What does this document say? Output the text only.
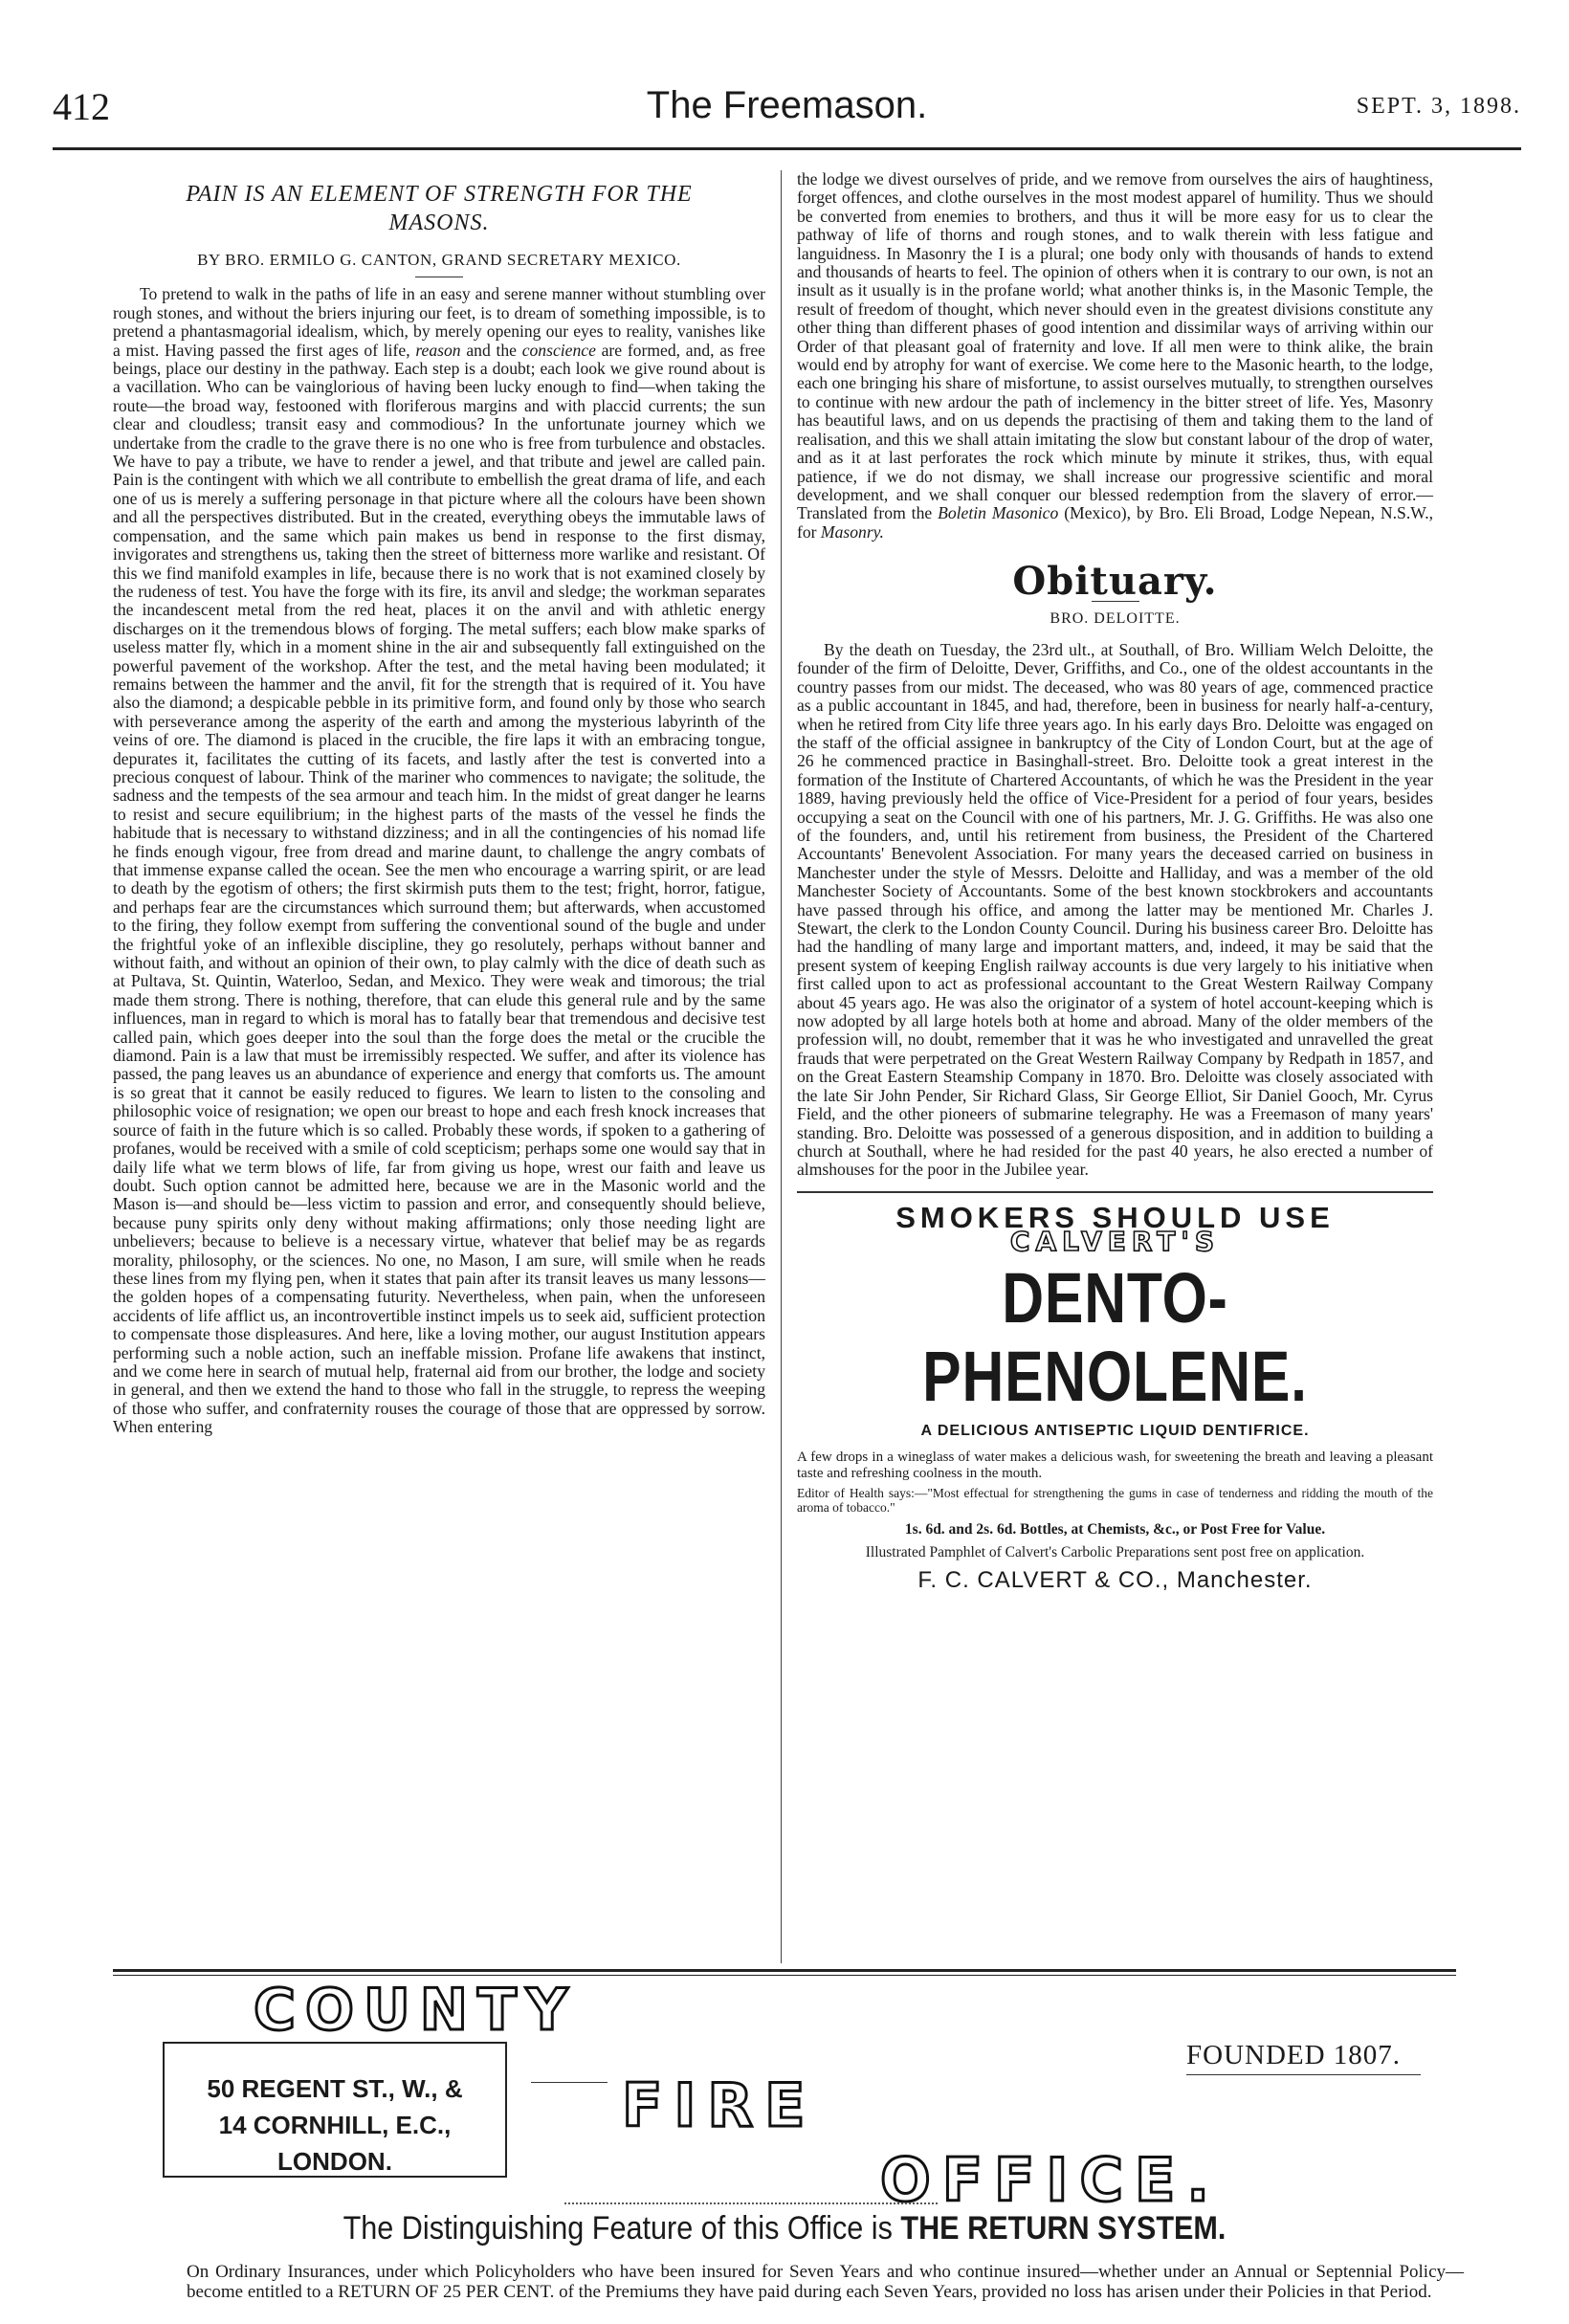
412	The Freemason.	SEPT. 3, 1898.
PAIN IS AN ELEMENT OF STRENGTH FOR THE MASONS.
BY BRO. ERMILO G. CANTON, GRAND SECRETARY MEXICO.

To pretend to walk in the paths of life in an easy and serene manner without stumbling over rough stones, and without the briers injuring our feet, is to dream of something impossible, is to pretend a phantasmagorial idealism, which, by merely opening our eyes to reality, vanishes like a mist. Having passed the first ages of life, reason and the conscience are formed, and, as free beings, place our destiny in the pathway. Each step is a doubt; each look we give round about is a vacillation. Who can be vainglorious of having been lucky enough to find—when taking the route—the broad way, festooned with floriferous margins and with placcid currents; the sun clear and cloudless; transit easy and commodious? In the unfortunate journey which we undertake from the cradle to the grave there is no one who is free from turbulence and obstacles. We have to pay a tribute, we have to render a jewel, and that tribute and jewel are called pain. Pain is the contingent with which we all contribute to embellish the great drama of life, and each one of us is merely a suffering personage in that picture where all the colours have been shown and all the perspectives distributed. But in the created, everything obeys the immutable laws of compensation, and the same which pain makes us bend in response to the first dismay, invigorates and strengthens us, taking then the street of bitterness more warlike and resistant. Of this we find manifold examples in life, because there is no work that is not examined closely by the rudeness of test. You have the forge with its fire, its anvil and sledge; the workman separates the incandescent metal from the red heat, places it on the anvil and with athletic energy discharges on it the tremendous blows of forging. The metal suffers; each blow make sparks of useless matter fly, which in a moment shine in the air and subsequently fall extinguished on the powerful pavement of the workshop. After the test, and the metal having been modulated; it remains between the hammer and the anvil, fit for the strength that is required of it. You have also the diamond; a despicable pebble in its primitive form, and found only by those who search with perseverance among the asperity of the earth and among the mysterious labyrinth of the veins of ore. The diamond is placed in the crucible, the fire laps it with an embracing tongue, depurates it, facilitates the cutting of its facets, and lastly after the test is converted into a precious conquest of labour. Think of the mariner who commences to navigate; the solitude, the sadness and the tempests of the sea armour and teach him. In the midst of great danger he learns to resist and secure equilibrium; in the highest parts of the masts of the vessel he finds the habitude that is necessary to withstand dizziness; and in all the contingencies of his nomad life he finds enough vigour, free from dread and marine daunt, to challenge the angry combats of that immense expanse called the ocean. See the men who encourage a warring spirit, or are lead to death by the egotism of others; the first skirmish puts them to the test; fright, horror, fatigue, and perhaps fear are the circumstances which surround them; but afterwards, when accustomed to the firing, they follow exempt from suffering the conventional sound of the bugle and under the frightful yoke of an inflexible discipline, they go resolutely, perhaps without banner and without faith, and without an opinion of their own, to play calmly with the dice of death such as at Pultava, St. Quintin, Waterloo, Sedan, and Mexico. They were weak and timorous; the trial made them strong. There is nothing, therefore, that can elude this general rule and by the same influences, man in regard to which is moral has to fatally bear that tremendous and decisive test called pain, which goes deeper into the soul than the forge does the metal or the crucible the diamond. Pain is a law that must be irremissibly respected. We suffer, and after its violence has passed, the pang leaves us an abundance of experience and energy that comforts us. The amount is so great that it cannot be easily reduced to figures. We learn to listen to the consoling and philosophic voice of resignation; we open our breast to hope and each fresh knock increases that source of faith in the future which is so called. Probably these words, if spoken to a gathering of profanes, would be received with a smile of cold scepticism; perhaps some one would say that in daily life what we term blows of life, far from giving us hope, wrest our faith and leave us doubt. Such option cannot be admitted here, because we are in the Masonic world and the Mason is—and should be—less victim to passion and error, and consequently should believe, because puny spirits only deny without making affirmations; only those needing light are unbelievers; because to believe is a necessary virtue, whatever that belief may be as regards morality, philosophy, or the sciences. No one, no Mason, I am sure, will smile when he reads these lines from my flying pen, when it states that pain after its transit leaves us many lessons—the golden hopes of a compensating futurity. Nevertheless, when pain, when the unforeseen accidents of life afflict us, an incontrovertible instinct impels us to seek aid, sufficient protection to compensate those displeasures. And here, like a loving mother, our august Institution appears performing such a noble action, such an ineffable mission. Profane life awakens that instinct, and we come here in search of mutual help, fraternal aid from our brother, the lodge and society in general, and then we extend the hand to those who fall in the struggle, to repress the weeping of those who suffer, and confraternity rouses the courage of those that are oppressed by sorrow. When entering

the lodge we divest ourselves of pride, and we remove from ourselves the airs of haughtiness, forget offences, and clothe ourselves in the most modest apparel of humility. Thus we should be converted from enemies to brothers, and thus it will be more easy for us to clear the pathway of life of thorns and rough stones, and to walk therein with less fatigue and languidness. In Masonry the I is a plural; one body only with thousands of hands to extend and thousands of hearts to feel. The opinion of others when it is contrary to our own, is not an insult as it usually is in the profane world; what another thinks is, in the Masonic Temple, the result of freedom of thought, which never should even in the greatest divisions constitute any other thing than different phases of good intention and dissimilar ways of arriving within our Order of that pleasant goal of fraternity and love. If all men were to think alike, the brain would end by atrophy for want of exercise. We come here to the Masonic hearth, to the lodge, each one bringing his share of misfortune, to assist ourselves mutually, to strengthen ourselves to continue with new ardour the path of inclemency in the bitter street of life. Yes, Masonry has beautiful laws, and on us depends the practising of them and taking them to the land of realisation, and this we shall attain imitating the slow but constant labour of the drop of water, and as it at last perforates the rock which minute by minute it strikes, thus, with equal patience, if we do not dismay, we shall increase our progressive scientific and moral development, and we shall conquer our blessed redemption from the slavery of error.—Translated from the Boletin Masonico (Mexico), by Bro. Eli Broad, Lodge Nepean, N.S.W., for Masonry.

Obituary.
BRO. DELOITTE.

By the death on Tuesday, the 23rd ult., at Southall, of Bro. William Welch Deloitte, the founder of the firm of Deloitte, Dever, Griffiths, and Co., one of the oldest accountants in the country passes from our midst. The deceased, who was 80 years of age, commenced practice as a public accountant in 1845, and had, therefore, been in business for nearly half-a-century, when he retired from City life three years ago. In his early days Bro. Deloitte was engaged on the staff of the official assignee in bankruptcy of the City of London Court, but at the age of 26 he commenced practice in Basinghall-street. Bro. Deloitte took a great interest in the formation of the Institute of Chartered Accountants, of which he was the President in the year 1889, having previously held the office of Vice-President for a period of four years, besides occupying a seat on the Council with one of his partners, Mr. J. G. Griffiths. He was also one of the founders, and, until his retirement from business, the President of the Chartered Accountants' Benevolent Association. For many years the deceased carried on business in Manchester under the style of Messrs. Deloitte and Halliday, and was a member of the old Manchester Society of Accountants. Some of the best known stockbrokers and accountants have passed through his office, and among the latter may be mentioned Mr. Charles J. Stewart, the clerk to the London County Council. During his business career Bro. Deloitte has had the handling of many large and important matters, and, indeed, it may be said that the present system of keeping English railway accounts is due very largely to his initiative when first called upon to act as professional accountant to the Great Western Railway Company about 45 years ago. He was also the originator of a system of hotel account-keeping which is now adopted by all large hotels both at home and abroad. Many of the older members of the profession will, no doubt, remember that it was he who investigated and unravelled the great frauds that were perpetrated on the Great Western Railway Company by Redpath in 1857, and on the Great Eastern Steamship Company in 1870. Bro. Deloitte was closely associated with the late Sir John Pender, Sir Richard Glass, Sir George Elliot, Sir Daniel Gooch, Mr. Cyrus Field, and the other pioneers of submarine telegraphy. He was a Freemason of many years' standing. Bro. Deloitte was possessed of a generous disposition, and in addition to building a church at Southall, where he had resided for the past 40 years, he also erected a number of almshouses for the poor in the Jubilee year.

SMOKERS SHOULD USE
CALVERT'S
DENTO-PHENOLENE.
A DELICIOUS ANTISEPTIC LIQUID DENTIFRICE.
A few drops in a wineglass of water makes a delicious wash, for sweetening the breath and leaving a pleasant taste and refreshing coolness in the mouth.
Editor of Health says:—"Most effectual for strengthening the gums in case of tenderness and ridding the mouth of the aroma of tobacco."
1s. 6d. and 2s. 6d. Bottles, at Chemists, &c., or Post Free for Value.
Illustrated Pamphlet of Calvert's Carbolic Preparations sent post free on application.
F. C. CALVERT & CO., Manchester.
COUNTY
FOUNDED 1807.
50 REGENT ST., W., &
14 CORNHILL, E.C., LONDON.
FIRE
OFFICE.
The Distinguishing Feature of this Office is THE RETURN SYSTEM.
On Ordinary Insurances, under which Policyholders who have been insured for Seven Years and who continue insured—whether under an Annual or Septennial Policy—become entitled to a RETURN OF 25 PER CENT. of the Premiums they have paid during each Seven Years, provided no loss has arisen under their Policies in that Period.
